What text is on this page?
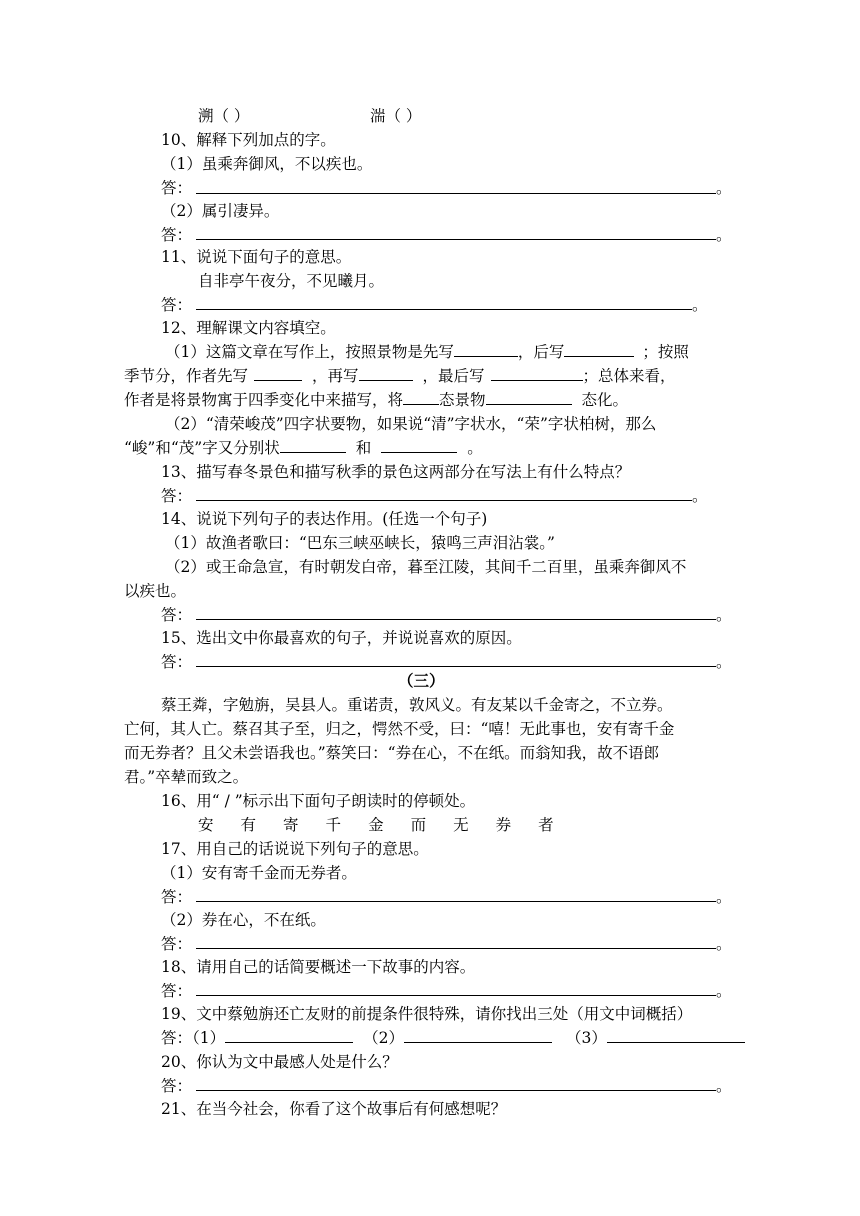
溯（ ）	湍（ ）
10、解释下列加点的字。
（1）虽乘奔御风，不以疾也。
答：	。
（2）属引凄异。
答：	。
11、说说下面句子的意思。
自非亭午夜分，不见曦月。
答：	。
12、理解课文内容填空。
（1）这篇文章在写作上，按照景物是先写	，后写	；按照
季节分，作者先写	，再写	，最后写	；总体来看，
作者是将景物寓于四季变化中来描写，将 态景物	态化。
（2）“清荣峻茂”四字状要物，如果说“清”字状水，“荣”字状柏树，那么
“峻”和“茂”字又分别状	和	。
13、描写春冬景色和描写秋季的景色这两部分在写法上有什么特点？
答：	。
14、说说下列句子的表达作用。(任选一个句子)
（1）故渔者歌曰：“巴东三峡巫峡长，猿鸣三声泪沾裳。”
（2）或王命急宣，有时朝发白帝，暮至江陵，其间千二百里，虽乘奔御风不
以疾也。
答：	。
15、选出文中你最喜欢的句子，并说说喜欢的原因。
答：	。
（三）
蔡王粦，字勉旃，吴县人。重诺责，敦风义。有友某以千金寄之，不立券。
亡何，其人亡。蔡召其子至，归之，愕然不受，曰：“嘻！无此事也，安有寄千金
而无券者？且父未尝语我也。”蔡笑曰：“券在心，不在纸。而翁知我，故不语郎
君。”卒辇而致之。
16、用“ / ”标示出下面句子朗读时的停顿处。
安 有 寄 千 金 而 无 券 者
17、用自己的话说说下列句子的意思。
（1）安有寄千金而无券者。
答：	。
（2）券在心，不在纸。
答：	。
18、请用自己的话简要概述一下故事的内容。
答：	。
19、文中蔡勉旃还亡友财的前提条件很特殊，请你找出三处（用文中词概括）
答：（1）	（2）	（3）
20、你认为文中最感人处是什么？
答：	。
21、在当今社会，你看了这个故事后有何感想呢？
